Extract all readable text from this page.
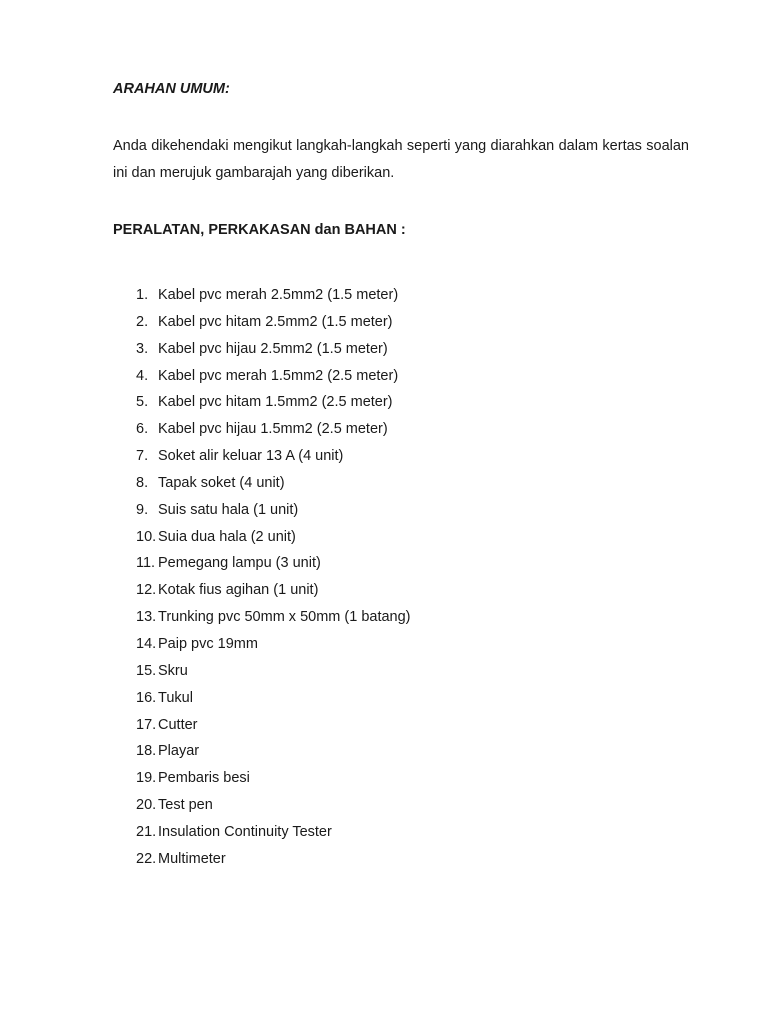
ARAHAN UMUM:
Anda dikehendaki mengikut langkah-langkah seperti yang diarahkan dalam kertas soalan ini dan merujuk gambarajah yang diberikan.
PERALATAN, PERKAKASAN dan BAHAN :
1. Kabel pvc merah 2.5mm2 (1.5 meter)
2. Kabel pvc hitam 2.5mm2 (1.5 meter)
3. Kabel pvc hijau 2.5mm2 (1.5 meter)
4. Kabel pvc merah 1.5mm2 (2.5 meter)
5. Kabel pvc hitam 1.5mm2 (2.5 meter)
6. Kabel pvc hijau 1.5mm2 (2.5 meter)
7. Soket alir keluar 13 A (4 unit)
8. Tapak soket (4 unit)
9. Suis satu hala (1 unit)
10. Suia dua hala (2 unit)
11. Pemegang lampu (3 unit)
12. Kotak fius agihan (1 unit)
13. Trunking pvc 50mm x 50mm (1 batang)
14. Paip pvc 19mm
15. Skru
16. Tukul
17. Cutter
18. Playar
19. Pembaris besi
20. Test pen
21. Insulation Continuity Tester
22. Multimeter
